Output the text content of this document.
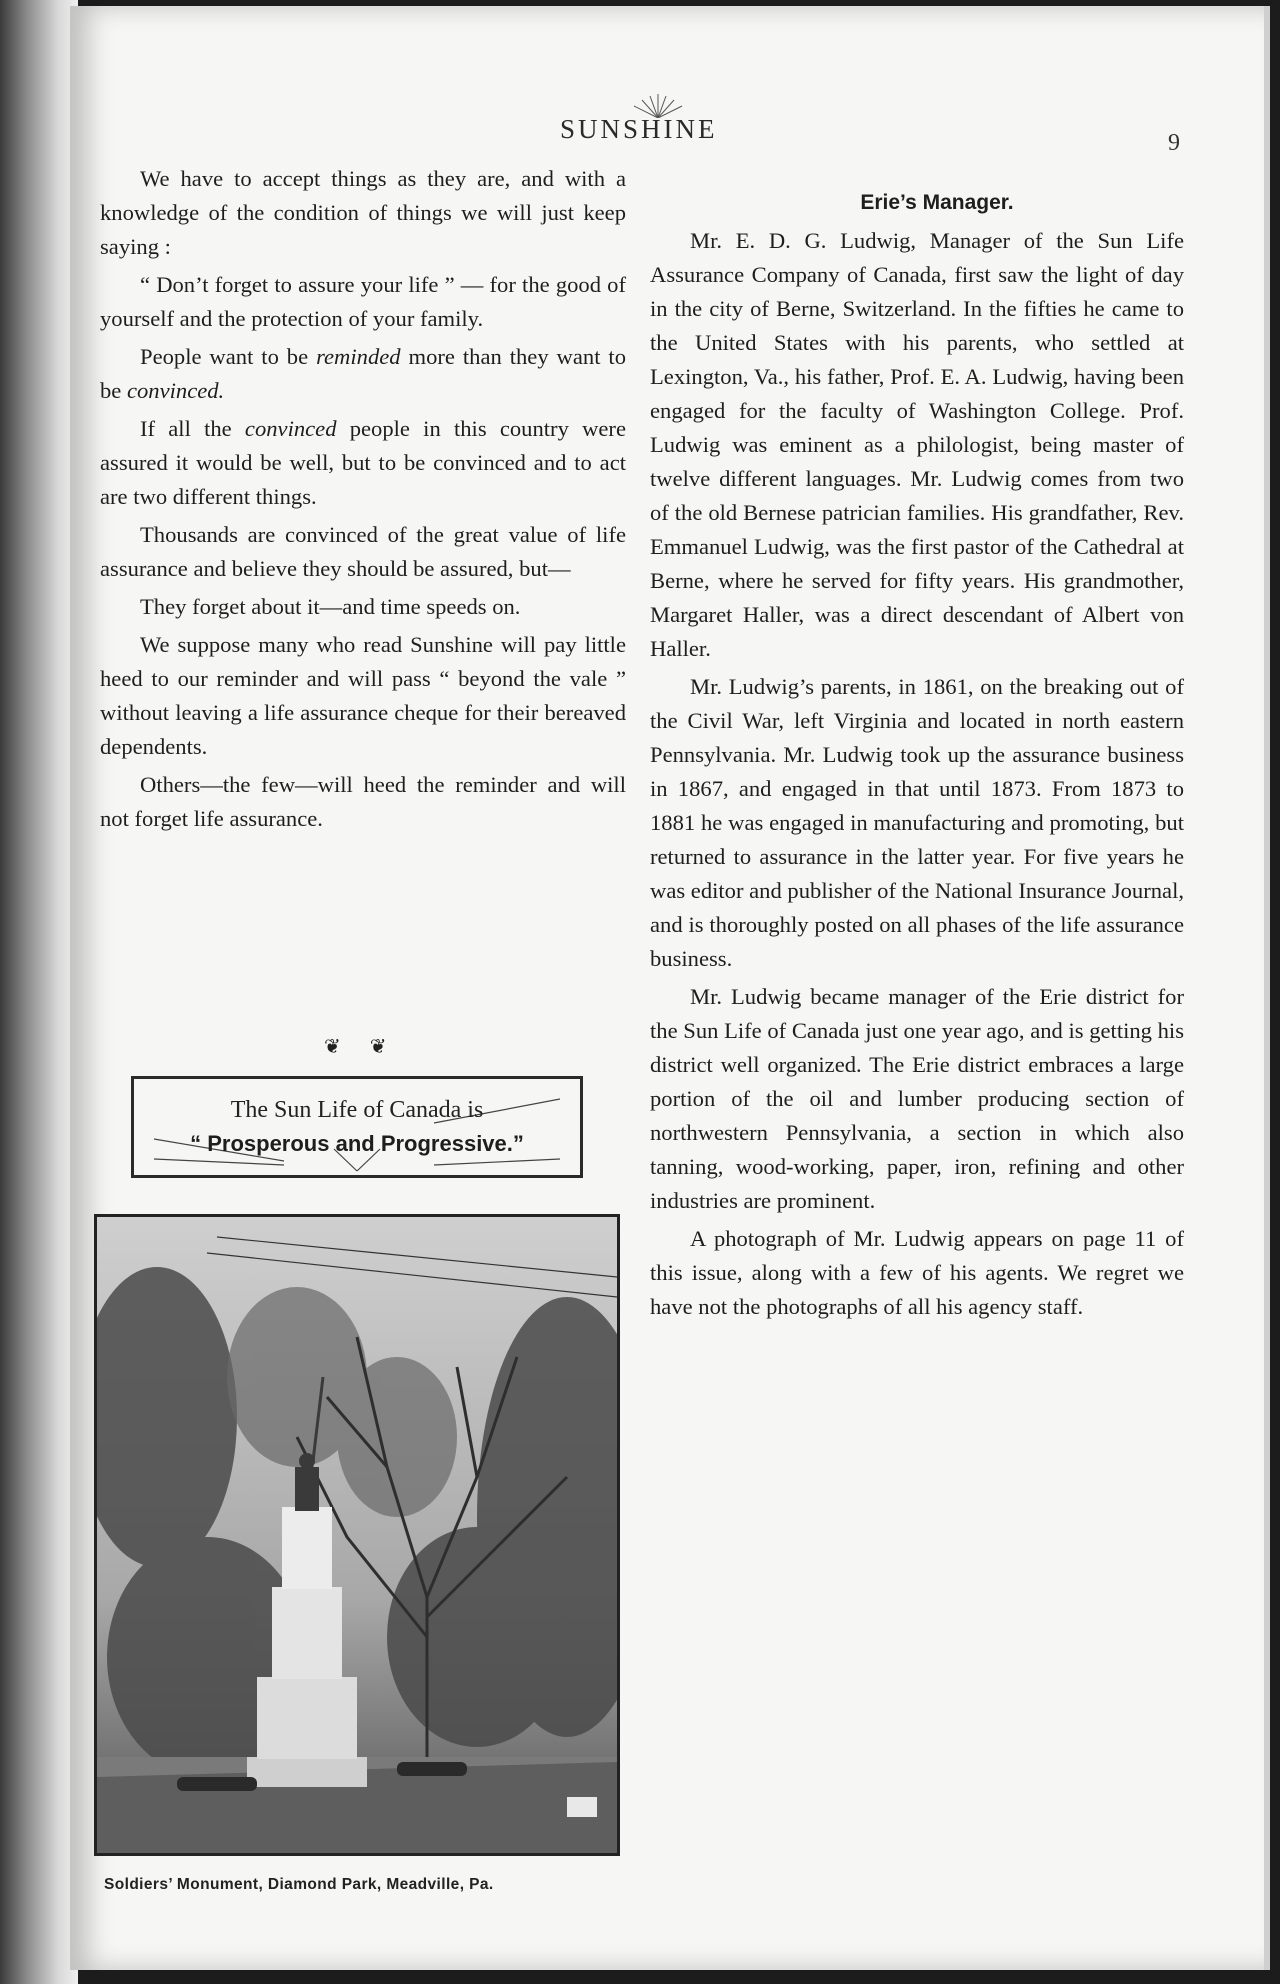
SUNSHINE	9

We have to accept things as they are, and with a knowledge of the condition of things we will just keep saying :

“ Don’t forget to assure your life ” — for the good of yourself and the protection of your family.

People want to be reminded more than they want to be convinced.

If all the convinced people in this country were assured it would be well, but to be convinced and to act are two different things.

Thousands are convinced of the great value of life assurance and believe they should be assured, but—

They forget about it—and time speeds on.

We suppose many who read Sunshine will pay little heed to our reminder and will pass “ beyond the vale ” without leaving a life assurance cheque for their bereaved dependents.

Others—the few—will heed the reminder and will not forget life assurance.

❦ ❦
The Sun Life of Canada is
“ Prosperous and Progressive.”
Soldiers’ Monument, Diamond Park, Meadville, Pa.

Erie’s Manager.

Mr. E. D. G. Ludwig, Manager of the Sun Life Assurance Company of Canada, first saw the light of day in the city of Berne, Switzerland. In the fifties he came to the United States with his parents, who settled at Lexington, Va., his father, Prof. E. A. Ludwig, having been engaged for the faculty of Washington College. Prof. Ludwig was eminent as a philologist, being master of twelve different languages. Mr. Ludwig comes from two of the old Bernese patrician families. His grandfather, Rev. Emmanuel Ludwig, was the first pastor of the Cathedral at Berne, where he served for fifty years. His grandmother, Margaret Haller, was a direct descendant of Albert von Haller.

Mr. Ludwig’s parents, in 1861, on the breaking out of the Civil War, left Virginia and located in north eastern Pennsylvania. Mr. Ludwig took up the assurance business in 1867, and engaged in that until 1873. From 1873 to 1881 he was engaged in manufacturing and promoting, but returned to assurance in the latter year. For five years he was editor and publisher of the National Insurance Journal, and is thoroughly posted on all phases of the life assurance business.

Mr. Ludwig became manager of the Erie district for the Sun Life of Canada just one year ago, and is getting his district well organized. The Erie district embraces a large portion of the oil and lumber producing section of northwestern Pennsylvania, a section in which also tanning, wood-working, paper, iron, refining and other industries are prominent.

A photograph of Mr. Ludwig appears on page 11 of this issue, along with a few of his agents. We regret we have not the photographs of all his agency staff.
